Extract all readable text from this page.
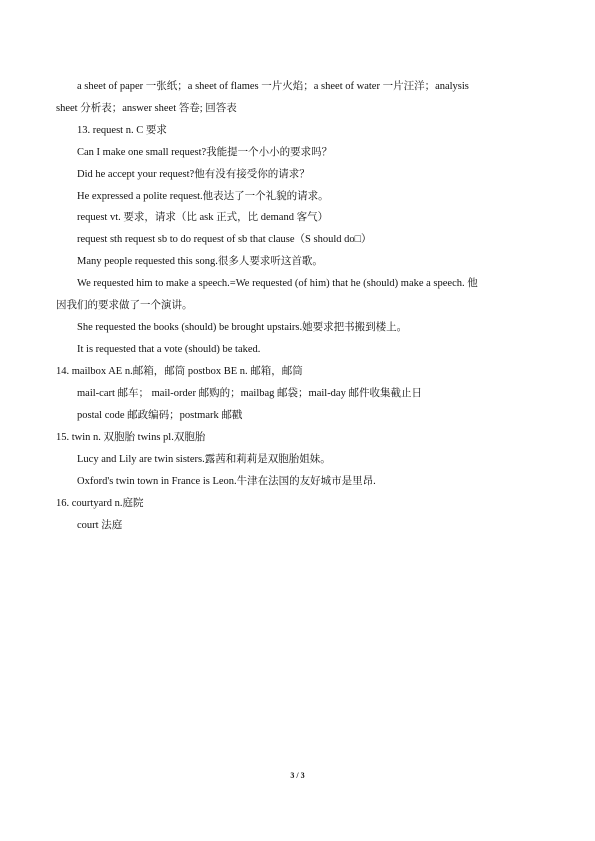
a sheet of paper 一张纸；a sheet of flames 一片火焰；a sheet of water 一片汪洋；analysis
sheet 分析表；answer sheet 答卷; 回答表
13. request n. C 要求
Can I make one small request?我能提一个小小的要求吗？
Did he accept your request?他有没有接受你的请求？
He expressed a polite request.他表达了一个礼貌的请求。
request vt. 要求，请求（比 ask 正式，比 demand 客气）
request sth request sb to do request of sb that clause（S should do□）
Many people requested this song.很多人要求听这首歌。
We requested him to make a speech.=We requested (of him) that he (should) make a speech. 他
因我们的要求做了一个演讲。
She requested the books (should) be brought upstairs.她要求把书搬到楼上。
It is requested that a vote (should) be taked.
14. mailbox AE n.邮箱，邮筒 postbox BE n. 邮箱，邮筒
mail-cart 邮车； mail-order 邮购的；mailbag 邮袋；mail-day 邮件收集截止日
postal code 邮政编码；postmark 邮戳
15. twin n. 双胞胎 twins pl.双胞胎
Lucy and Lily are twin sisters.露茜和莉莉是双胞胎姐妹。
Oxford's twin town in France is Leon.牛津在法国的友好城市是里昂.
16. courtyard n.庭院
court 法庭
3 / 3
